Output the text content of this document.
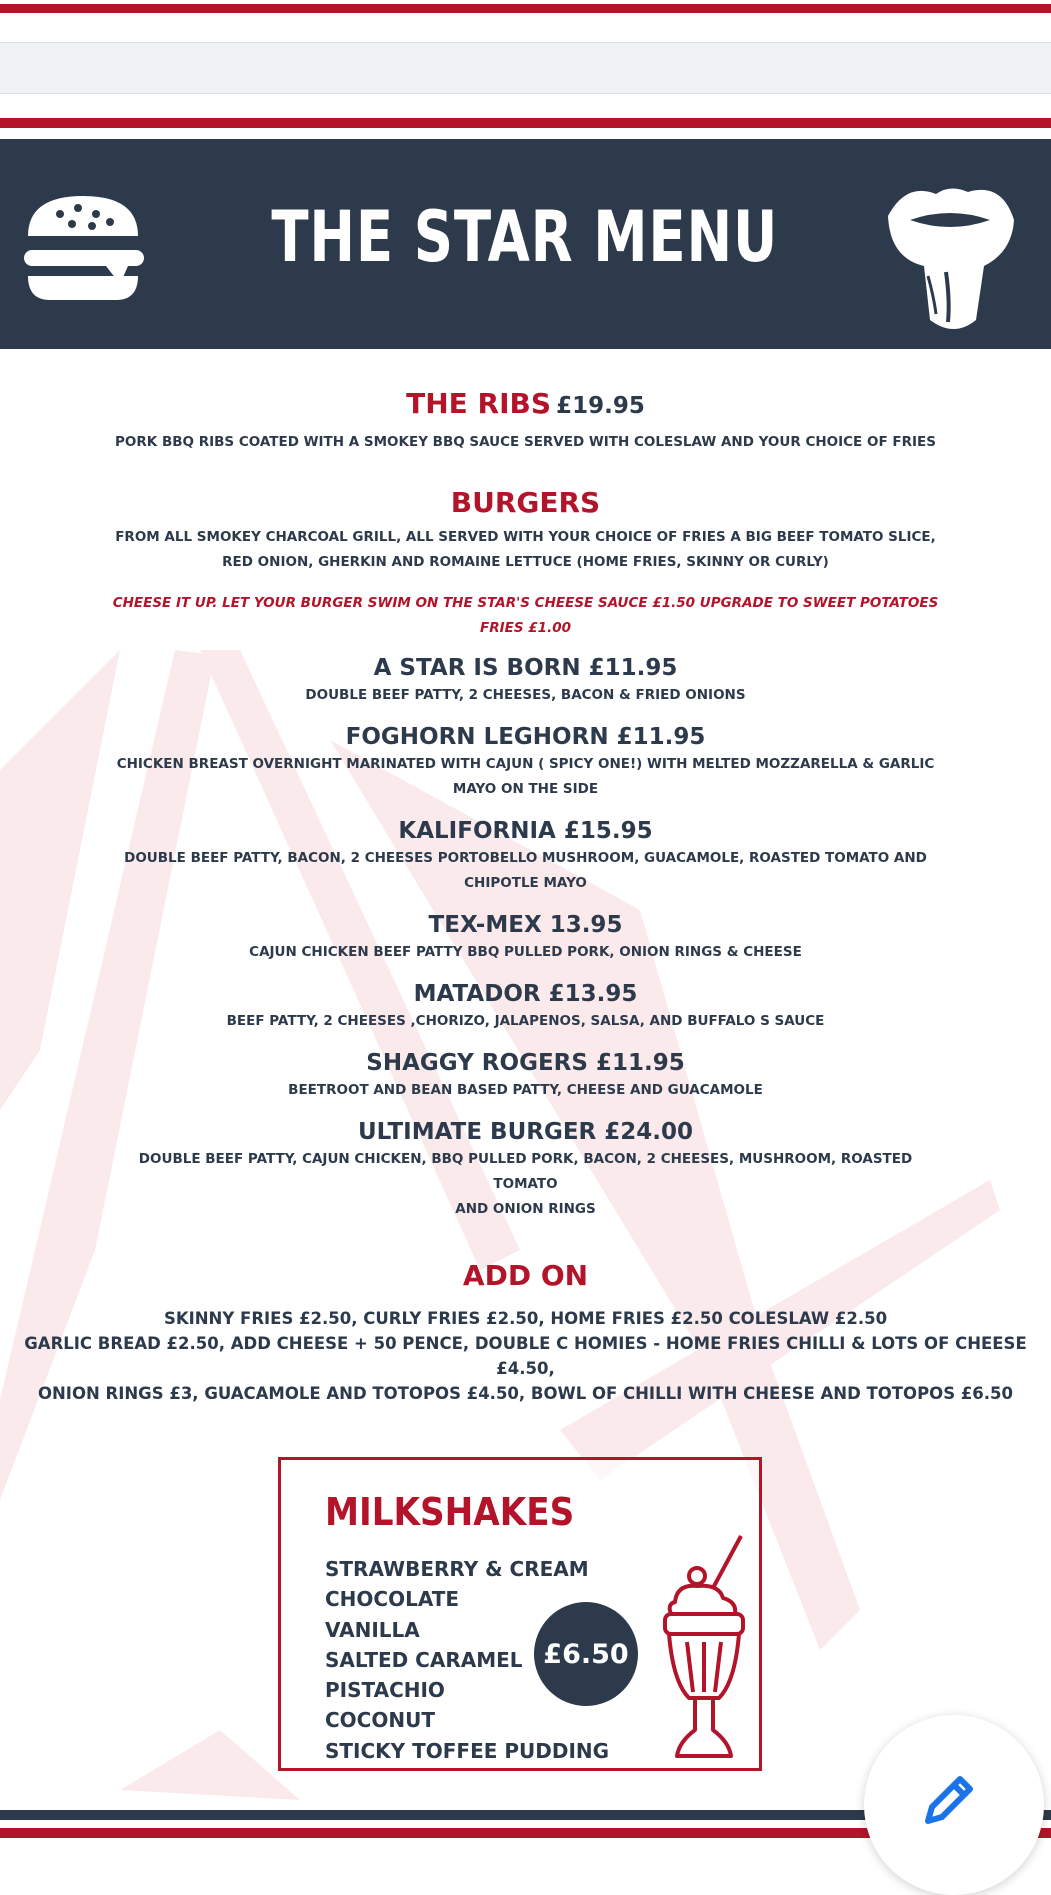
THE STAR MENU
THE RIBS £19.95
PORK BBQ RIBS COATED WITH A SMOKEY BBQ SAUCE SERVED WITH COLESLAW AND YOUR CHOICE OF FRIES
BURGERS
FROM ALL SMOKEY CHARCOAL GRILL, ALL SERVED WITH YOUR CHOICE OF FRIES A BIG BEEF TOMATO SLICE,
RED ONION, GHERKIN AND ROMAINE LETTUCE (HOME FRIES, SKINNY OR CURLY)
CHEESE IT UP. LET YOUR BURGER SWIM ON THE STAR'S CHEESE SAUCE £1.50 UPGRADE TO SWEET POTATOES
FRIES £1.00
A STAR IS BORN £11.95
DOUBLE BEEF PATTY, 2 CHEESES, BACON & FRIED ONIONS
FOGHORN LEGHORN £11.95
CHICKEN BREAST OVERNIGHT MARINATED WITH CAJUN ( SPICY ONE!) WITH MELTED MOZZARELLA & GARLIC
MAYO ON THE SIDE
KALIFORNIA £15.95
DOUBLE BEEF PATTY, BACON, 2 CHEESES PORTOBELLO MUSHROOM, GUACAMOLE, ROASTED TOMATO AND
CHIPOTLE MAYO
TEX-MEX 13.95
CAJUN CHICKEN BEEF PATTY BBQ PULLED PORK, ONION RINGS & CHEESE
MATADOR £13.95
BEEF PATTY, 2 CHEESES ,CHORIZO, JALAPENOS, SALSA, AND BUFFALO S SAUCE
SHAGGY ROGERS £11.95
BEETROOT AND BEAN BASED PATTY, CHEESE AND GUACAMOLE
ULTIMATE BURGER £24.00
DOUBLE BEEF PATTY, CAJUN CHICKEN, BBQ PULLED PORK, BACON, 2 CHEESES, MUSHROOM, ROASTED TOMATO
AND ONION RINGS
ADD ON
SKINNY FRIES £2.50, CURLY FRIES £2.50, HOME FRIES £2.50 COLESLAW £2.50
GARLIC BREAD £2.50, ADD CHEESE + 50 PENCE, DOUBLE C HOMIES - HOME FRIES CHILLI & LOTS OF CHEESE £4.50,
ONION RINGS £3, GUACAMOLE AND TOTOPOS £4.50, BOWL OF CHILLI WITH CHEESE AND TOTOPOS £6.50
MILKSHAKES
STRAWBERRY & CREAM
CHOCOLATE
VANILLA
SALTED CARAMEL
PISTACHIO
COCONUT
STICKY TOFFEE PUDDING
£6.50
